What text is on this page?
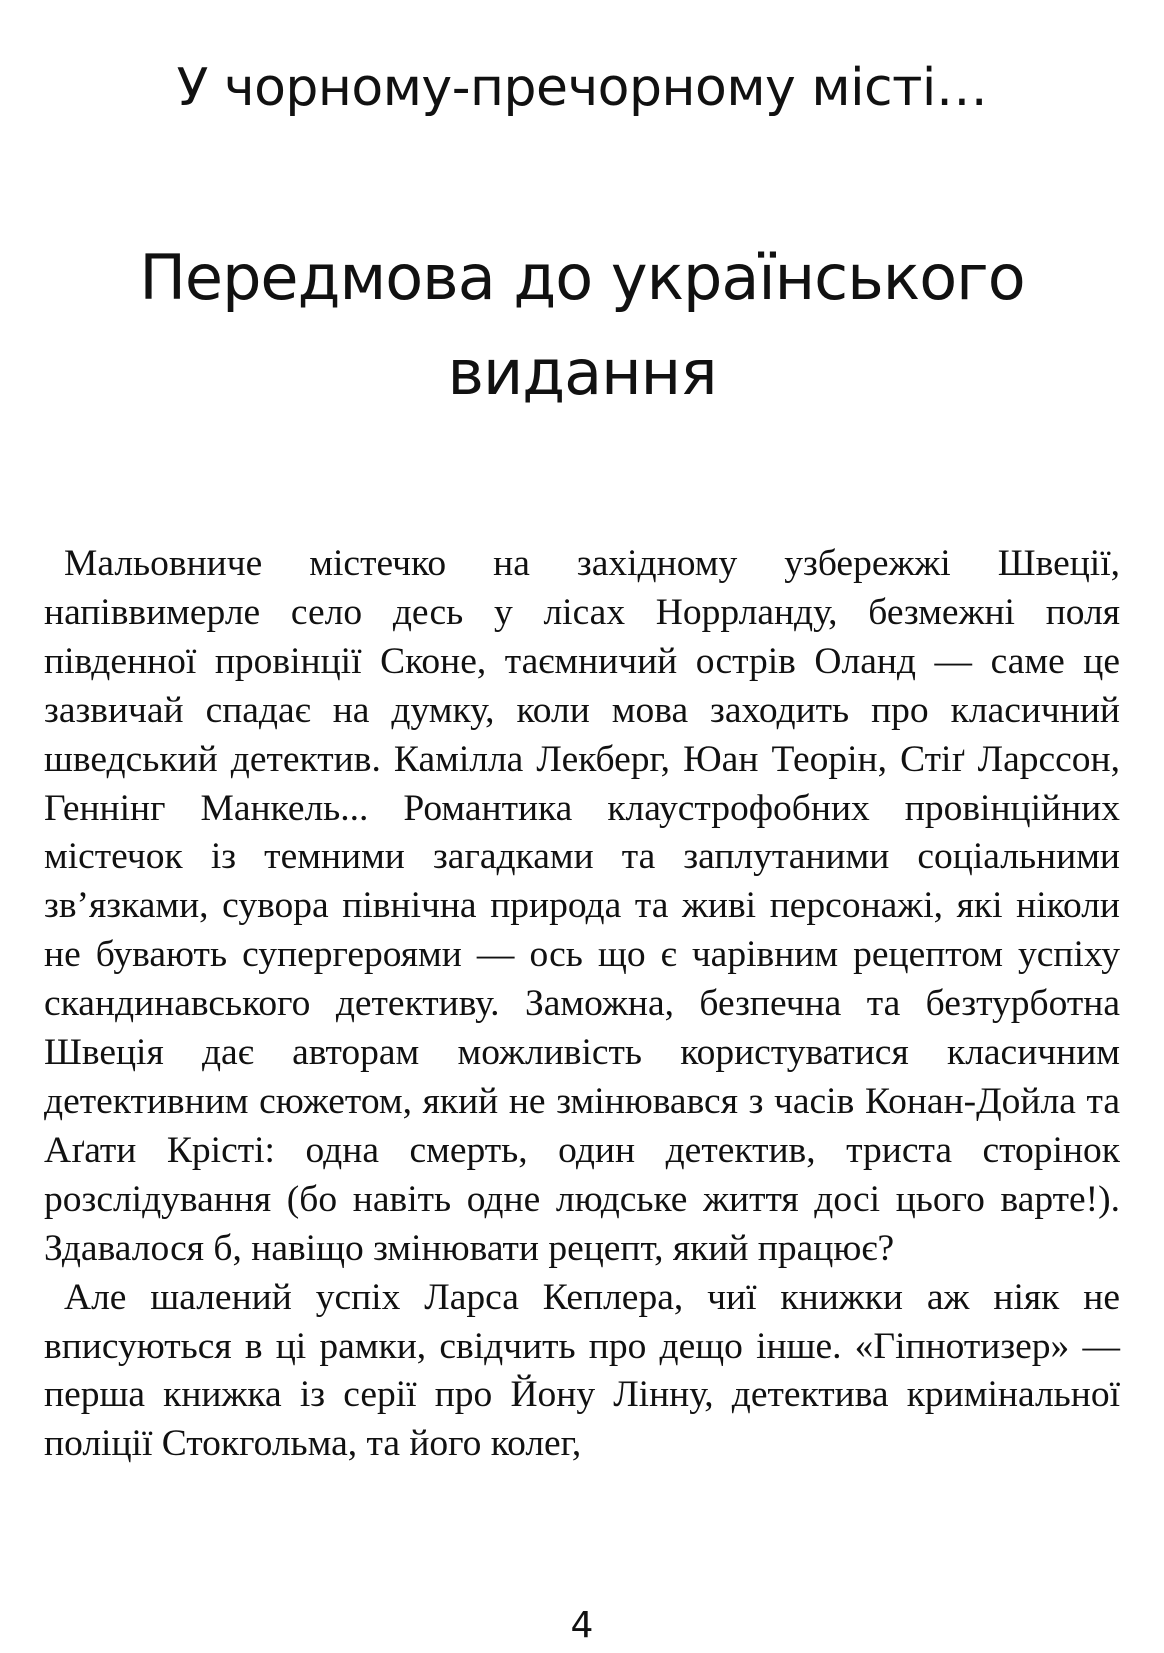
У чорному-пречорному місті…
Передмова до українського видання

Мальовниче містечко на західному узбережжі Швеції, напіввимерле село десь у лісах Норрланду, безмежні поля південної провінції Сконе, таємничий острів Оланд — саме це зазвичай спадає на думку, коли мова заходить про класичний шведський детектив. Камілла Лекберг, Юан Теорін, Стіґ Ларссон, Геннінг Манкель... Романтика клаустрофобних провінційних містечок із темними загадками та заплутаними соціальними зв’язками, сувора північна природа та живі персонажі, які ніколи не бувають супергероями — ось що є чарівним рецептом успіху скандинавського детективу. Заможна, безпечна та безтурботна Швеція дає авторам можливість користуватися класичним детективним сюжетом, який не змінювався з часів Конан-Дойла та Аґати Крісті: одна смерть, один детектив, триста сторінок розслідування (бо навіть одне людське життя досі цього варте!). Здавалося б, навіщо змінювати рецепт, який працює?

Але шалений успіх Ларса Кеплера, чиї книжки аж ніяк не вписуються в ці рамки, свідчить про дещо інше. «Гіпнотизер» — перша книжка із серії про Йону Лінну, детектива кримінальної поліції Стокгольма, та його колег,

4
